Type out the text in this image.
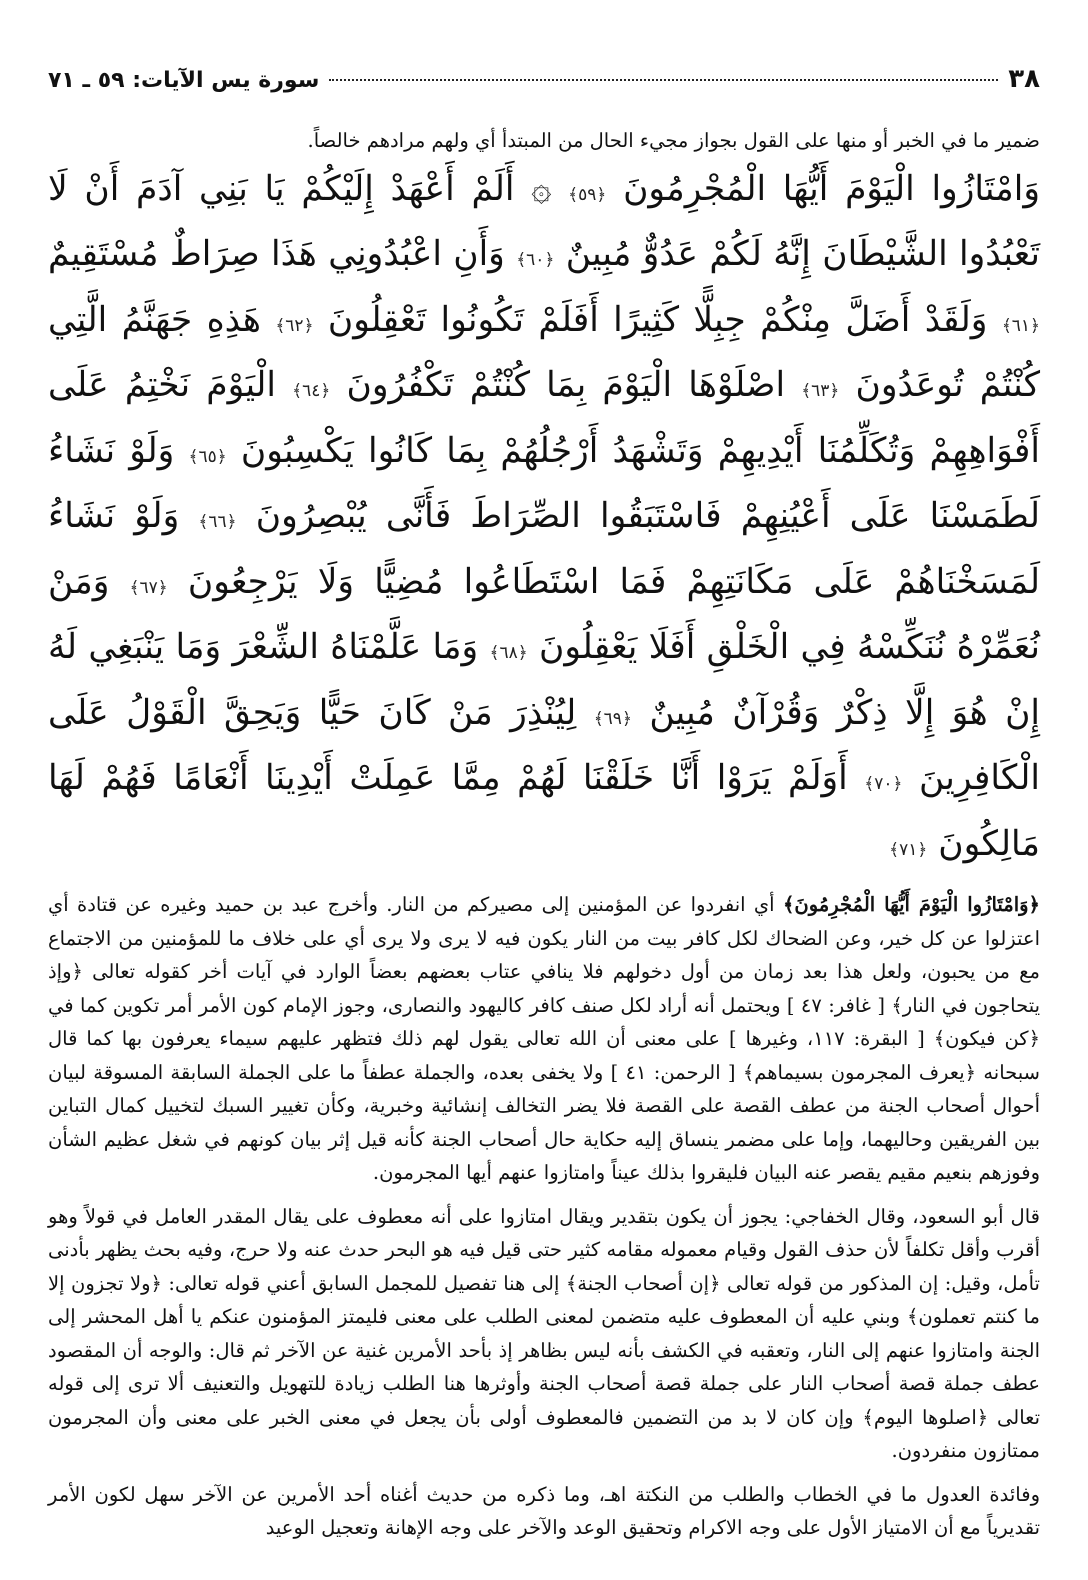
٣٨
سورة يس الآيات: ٥٩ ـ ٧١

ضمير ما في الخبر أو منها على القول بجواز مجيء الحال من المبتدأ أي ولهم مرادهم خالصاً.

وَامْتَازُوا الْيَوْمَ أَيُّهَا الْمُجْرِمُونَ ﴿٥٩﴾ ۞ أَلَمْ أَعْهَدْ إِلَيْكُمْ يَا بَنِي آدَمَ أَنْ لَا تَعْبُدُوا الشَّيْطَانَ إِنَّهُ لَكُمْ عَدُوٌّ مُبِينٌ ﴿٦٠﴾ وَأَنِ اعْبُدُونِي هَذَا صِرَاطٌ مُسْتَقِيمٌ ﴿٦١﴾ وَلَقَدْ أَضَلَّ مِنْكُمْ جِبِلًّا كَثِيرًا أَفَلَمْ تَكُونُوا تَعْقِلُونَ ﴿٦٢﴾ هَذِهِ جَهَنَّمُ الَّتِي كُنْتُمْ تُوعَدُونَ ﴿٦٣﴾ اصْلَوْهَا الْيَوْمَ بِمَا كُنْتُمْ تَكْفُرُونَ ﴿٦٤﴾ الْيَوْمَ نَخْتِمُ عَلَى أَفْوَاهِهِمْ وَتُكَلِّمُنَا أَيْدِيهِمْ وَتَشْهَدُ أَرْجُلُهُمْ بِمَا كَانُوا يَكْسِبُونَ ﴿٦٥﴾ وَلَوْ نَشَاءُ لَطَمَسْنَا عَلَى أَعْيُنِهِمْ فَاسْتَبَقُوا الصِّرَاطَ فَأَنَّى يُبْصِرُونَ ﴿٦٦﴾ وَلَوْ نَشَاءُ لَمَسَخْنَاهُمْ عَلَى مَكَانَتِهِمْ فَمَا اسْتَطَاعُوا مُضِيًّا وَلَا يَرْجِعُونَ ﴿٦٧﴾ وَمَنْ نُعَمِّرْهُ نُنَكِّسْهُ فِي الْخَلْقِ أَفَلَا يَعْقِلُونَ ﴿٦٨﴾ وَمَا عَلَّمْنَاهُ الشِّعْرَ وَمَا يَنْبَغِي لَهُ إِنْ هُوَ إِلَّا ذِكْرٌ وَقُرْآنٌ مُبِينٌ ﴿٦٩﴾ لِيُنْذِرَ مَنْ كَانَ حَيًّا وَيَحِقَّ الْقَوْلُ عَلَى الْكَافِرِينَ ﴿٧٠﴾ أَوَلَمْ يَرَوْا أَنَّا خَلَقْنَا لَهُمْ مِمَّا عَمِلَتْ أَيْدِينَا أَنْعَامًا فَهُمْ لَهَا مَالِكُونَ ﴿٧١﴾

﴿وَامْتَازُوا الْيَوْمَ أَيُّهَا الْمُجْرِمُونَ﴾ أي انفردوا عن المؤمنين إلى مصيركم من النار. وأخرج عبد بن حميد وغيره عن قتادة أي اعتزلوا عن كل خير، وعن الضحاك لكل كافر بيت من النار يكون فيه لا يرى ولا يرى أي على خلاف ما للمؤمنين من الاجتماع مع من يحبون، ولعل هذا بعد زمان من أول دخولهم فلا ينافي عتاب بعضهم بعضاً الوارد في آيات أخر كقوله تعالى ﴿وإذ يتحاجون في النار﴾ [ غافر: ٤٧ ] ويحتمل أنه أراد لكل صنف كافر كاليهود والنصارى، وجوز الإمام كون الأمر أمر تكوين كما في ﴿كن فيكون﴾ [ البقرة: ١١٧، وغيرها ] على معنى أن الله تعالى يقول لهم ذلك فتظهر عليهم سيماء يعرفون بها كما قال سبحانه ﴿يعرف المجرمون بسيماهم﴾ [ الرحمن: ٤١ ] ولا يخفى بعده، والجملة عطفاً ما على الجملة السابقة المسوقة لبيان أحوال أصحاب الجنة من عطف القصة على القصة فلا يضر التخالف إنشائية وخبرية، وكأن تغيير السبك لتخييل كمال التباين بين الفريقين وحاليهما، وإما على مضمر ينساق إليه حكاية حال أصحاب الجنة كأنه قيل إثر بيان كونهم في شغل عظيم الشأن وفوزهم بنعيم مقيم يقصر عنه البيان فليقروا بذلك عيناً وامتازوا عنهم أيها المجرمون.

قال أبو السعود، وقال الخفاجي: يجوز أن يكون بتقدير ويقال امتازوا على أنه معطوف على يقال المقدر العامل في قولاً وهو أقرب وأقل تكلفاً لأن حذف القول وقيام معموله مقامه كثير حتى قيل فيه هو البحر حدث عنه ولا حرج، وفيه بحث يظهر بأدنى تأمل، وقيل: إن المذكور من قوله تعالى ﴿إن أصحاب الجنة﴾ إلى هنا تفصيل للمجمل السابق أعني قوله تعالى: ﴿ولا تجزون إلا ما كنتم تعملون﴾ وبني عليه أن المعطوف عليه متضمن لمعنى الطلب على معنى فليمتز المؤمنون عنكم يا أهل المحشر إلى الجنة وامتازوا عنهم إلى النار، وتعقبه في الكشف بأنه ليس بظاهر إذ بأحد الأمرين غنية عن الآخر ثم قال: والوجه أن المقصود عطف جملة قصة أصحاب النار على جملة قصة أصحاب الجنة وأوثرها هنا الطلب زيادة للتهويل والتعنيف ألا ترى إلى قوله تعالى ﴿اصلوها اليوم﴾ وإن كان لا بد من التضمين فالمعطوف أولى بأن يجعل في معنى الخبر على معنى وأن المجرمون ممتازون منفردون.

وفائدة العدول ما في الخطاب والطلب من النكتة اهـ، وما ذكره من حديث أغناه أحد الأمرين عن الآخر سهل لكون الأمر تقديرياً مع أن الامتياز الأول على وجه الاكرام وتحقيق الوعد والآخر على وجه الإهانة وتعجيل الوعيد
